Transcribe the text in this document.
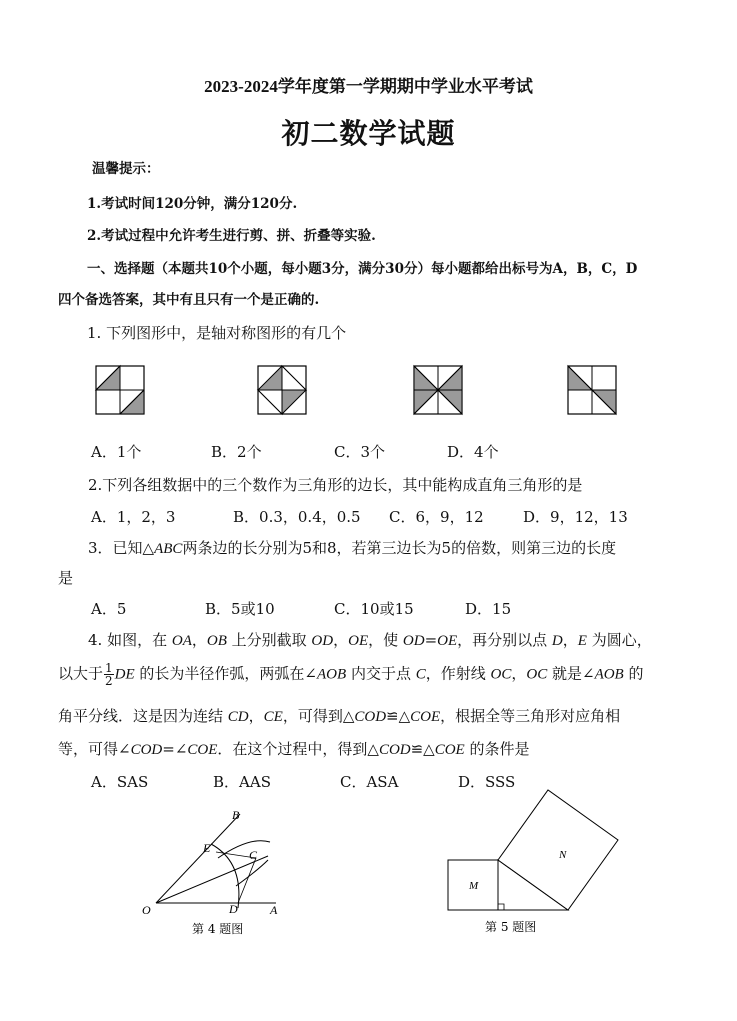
2023-2024学年度第一学期期中学业水平考试
初二数学试题
温馨提示：
1.考试时间120分钟，满分120分.
2.考试过程中允许考生进行剪、拼、折叠等实验.
一、选择题（本题共10个小题，每小题3分，满分30分）每小题都给出标号为A，B，C，D
四个备选答案，其中有且只有一个是正确的.
1. 下列图形中，是轴对称图形的有几个
A．1个	B．2个	C．3个	D．4个
2.下列各组数据中的三个数作为三角形的边长，其中能构成直角三角形的是
A．1，2，3	B．0.3，0.4，0.5 C．6，9，12	D．9，12，13
3．已知△ABC两条边的长分别为5和8，若第三边长为5的倍数，则第三边的长度
是
A．5	B．5或10	C．10或15	D．15
4. 如图，在 OA，OB 上分别截取 OD，OE，使 OD=OE，再分别以点 D，E 为圆心，
以大于 $\frac{1}{2}$ DE 的长为半径作弧，两弧在∠AOB 内交于点 C，作射线 OC，OC 就是∠AOB 的
角平分线．这是因为连结 CD，CE，可得到△COD≌△COE，根据全等三角形对应角相
等，可得∠COD=∠COE．在这个过程中，得到△COD≌△COE 的条件是
A．SAS	B．AAS	C．ASA	D．SSS
O	A
B
E	C
D
第 4 题图
M
N
第 5 题图
